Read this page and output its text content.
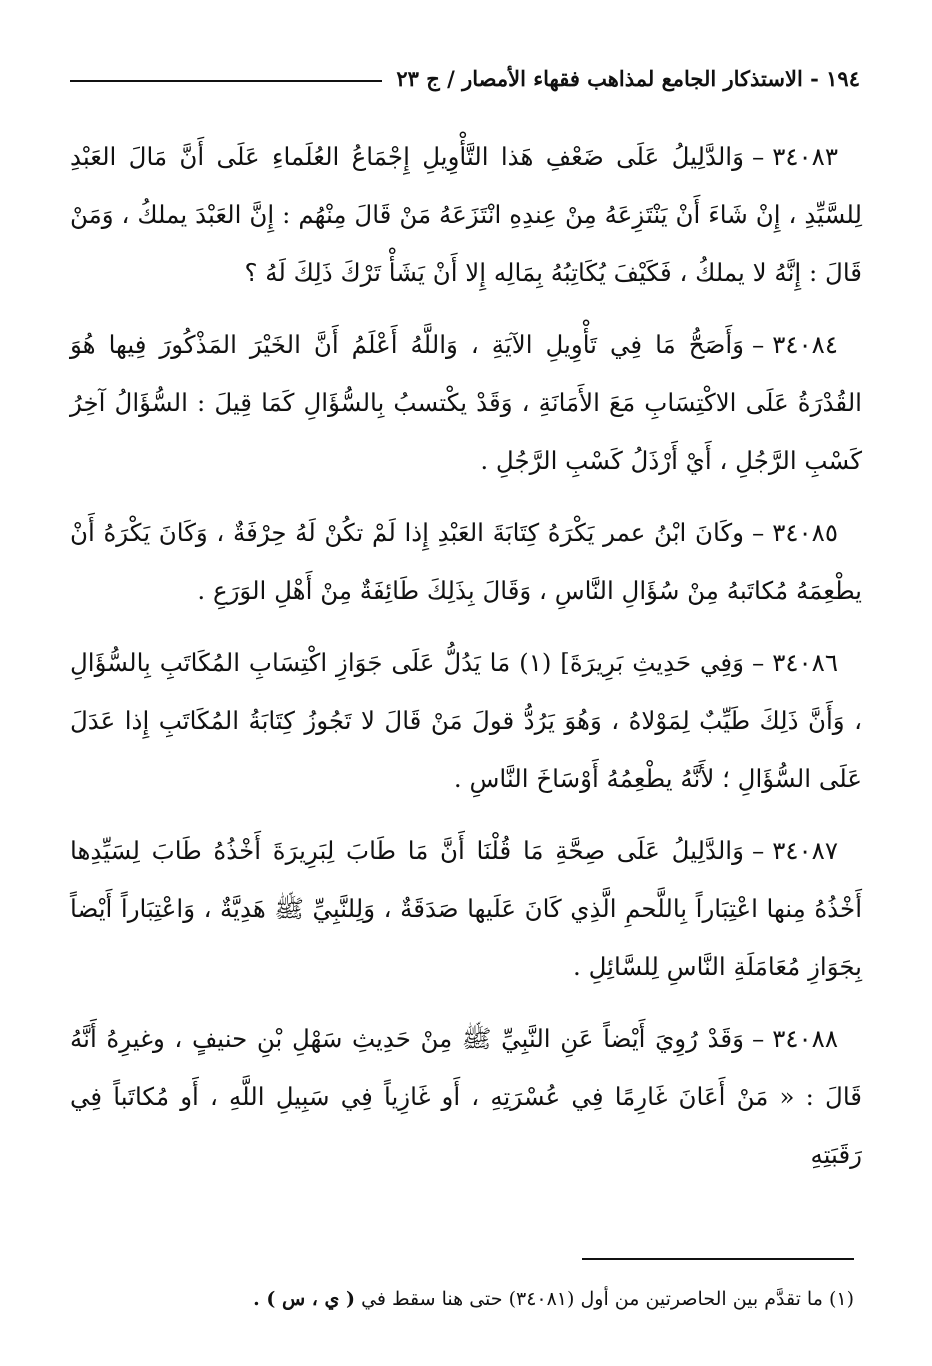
١٩٤ - الاستذكار الجامع لمذاهب فقهاء الأمصار / ج ٢٣

٣٤٠٨٣–وَالدَّلِيلُ عَلَى ضَعْفِ هَذا التَّأْوِيلِ إِجْمَاعُ العُلَماءِ عَلَى أَنَّ مَالَ العَبْدِ لِلسَّيِّدِ ، إِنْ شَاءَ أَنْ يَنْتَزِعَهُ مِنْ عِندِهِ انْتَزَعَهُ مَنْ قَالَ مِنْهُم : إِنَّ العَبْدَ يملكُ ، وَمَنْ قَالَ : إِنَّهُ لا يملكُ ، فَكَيْفَ يُكَاتِبُهُ بِمَالِه إِلا أَنْ يَشَأْ تَرْكَ ذَلِكَ لَهُ ؟

٣٤٠٨٤–وَأَصَحُّ مَا فِي تَأْوِيلِ الآيَةِ ، وَاللَّهُ أَعْلَمُ أَنَّ الخَيْرَ المَذْكُورَ فِيها هُوَ القُدْرَةُ عَلَى الاكْتِسَابِ مَعَ الأَمَانَةِ ، وَقَدْ يكْتسبُ بِالسُّؤَالِ كَمَا قِيلَ : السُّؤَالُ آخِرُ كَسْبِ الرَّجُلِ ، أَيْ أَرْذَلُ كَسْبِ الرَّجُلِ .

٣٤٠٨٥–وكَانَ ابْنُ عمر يَكْرَهُ كِتَابَةَ العَبْدِ إِذا لَمْ تكُنْ لَهُ حِرْفَةٌ ، وَكَانَ يَكْرَهُ أَنْ يطْعِمَهُ مُكاتَبهُ مِنْ سُؤَالِ النَّاسِ ، وَقَالَ بِذَلِكَ طَائِفَةٌ مِنْ أَهْلِ الوَرَعِ .

٣٤٠٨٦–وَفِي حَدِيثِ بَرِيرَةَ] (١) مَا يَدُلُّ عَلَى جَوَازِ اكْتِسَابِ المُكَاتَبِ بِالسُّؤَالِ ، وَأَنَّ ذَلِكَ طَيِّبٌ لِمَوْلاهُ ، وَهُوَ يَرُدُّ قولَ مَنْ قَالَ لا تَجُوزُ كِتَابَةُ المُكَاتَبِ إِذا عَدَلَ عَلَى السُّؤَالِ ؛ لأَنَّهُ يطْعِمُهُ أَوْسَاخَ النَّاسِ .

٣٤٠٨٧–وَالدَّلِيلُ عَلَى صِحَّةِ مَا قُلْنَا أَنَّ مَا طَابَ لِبَرِيرَةَ أَخْذُهُ طَابَ لِسَيِّدِها أَخْذُهُ مِنها اعْتِبَاراً بِاللَّحمِ الَّذِي كَانَ عَلَيها صَدَقَةٌ ، وَلِلنَّبِيِّ ﷺ هَدِيَّةٌ ، وَاعْتِبَاراً أَيْضاً بِجَوَازِ مُعَامَلَةِ النَّاسِ لِلسَّائِلِ .

٣٤٠٨٨–وَقَدْ رُوِيَ أَيْضاً عَنِ النَّبِيِّ ﷺ مِنْ حَدِيثِ سَهْلِ بْنِ حنيفٍ ، وغيرِهُ أَنَّهُ قَالَ : « مَنْ أَعَانَ غَارِمًا فِي عُسْرَتِهِ ، أَو غَازِياً فِي سَبِيلِ اللَّهِ ، أَو مُكاتَباً فِي رَقَبَتِهِ

(١) ما تقدَّم بين الحاصرتين من أول (٣٤٠٨١) حتى هنا سقط في ( ي ، س ) .
